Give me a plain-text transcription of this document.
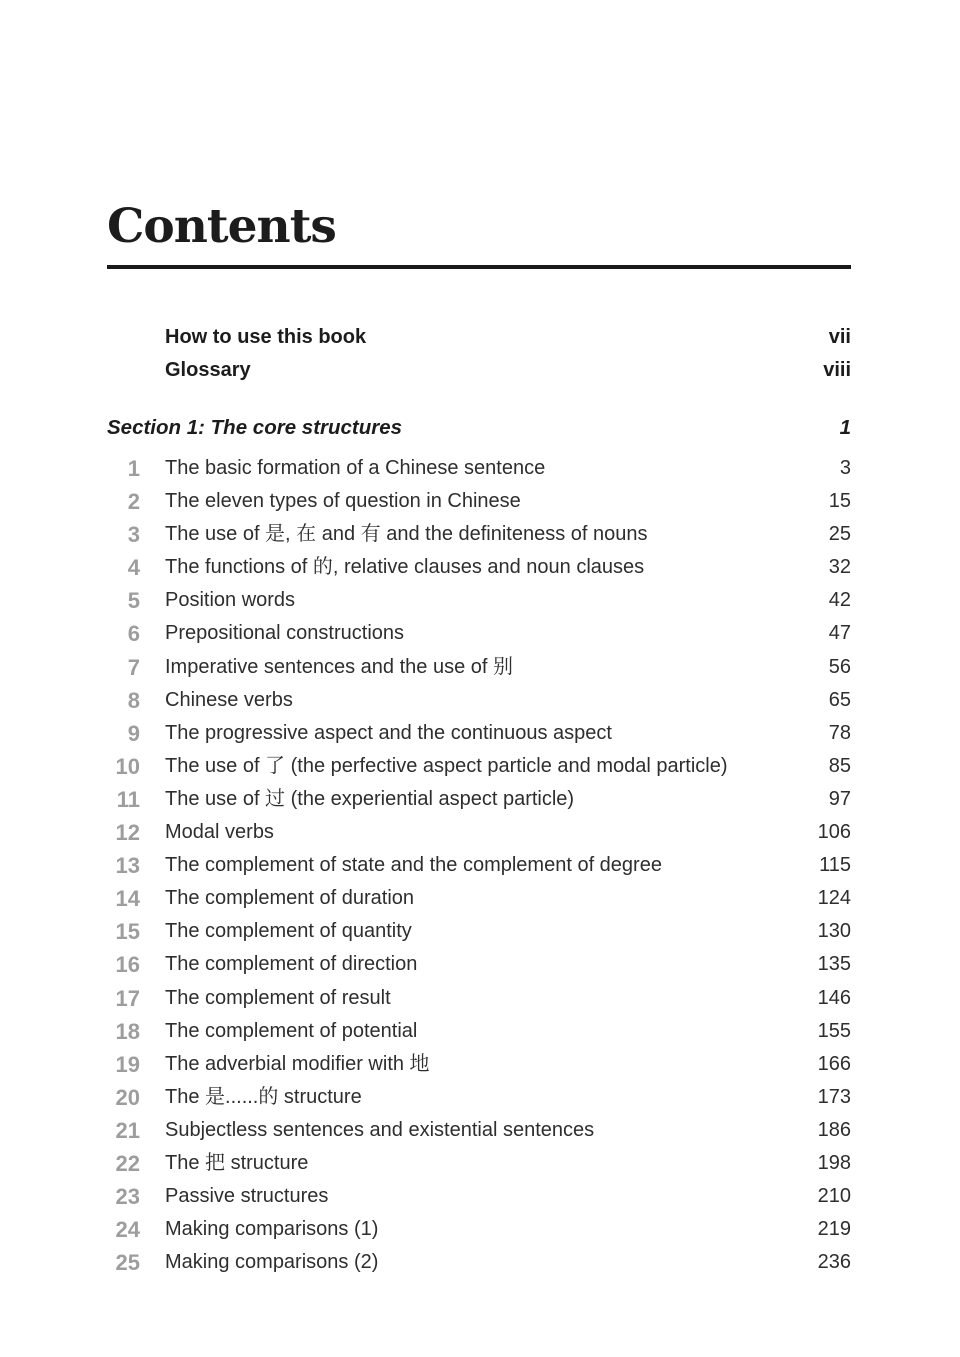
Contents
How to use this book	vii
Glossary	viii
Section 1: The core structures	1
1 The basic formation of a Chinese sentence	3
2 The eleven types of question in Chinese	15
3 The use of 是, 在 and 有 and the definiteness of nouns	25
4 The functions of 的, relative clauses and noun clauses	32
5 Position words	42
6 Prepositional constructions	47
7 Imperative sentences and the use of 别	56
8 Chinese verbs	65
9 The progressive aspect and the continuous aspect	78
10 The use of 了 (the perfective aspect particle and modal particle)	85
11 The use of 过 (the experiential aspect particle)	97
12 Modal verbs	106
13 The complement of state and the complement of degree	115
14 The complement of duration	124
15 The complement of quantity	130
16 The complement of direction	135
17 The complement of result	146
18 The complement of potential	155
19 The adverbial modifier with 地	166
20 The 是......的 structure	173
21 Subjectless sentences and existential sentences	186
22 The 把 structure	198
23 Passive structures	210
24 Making comparisons (1)	219
25 Making comparisons (2)	236
